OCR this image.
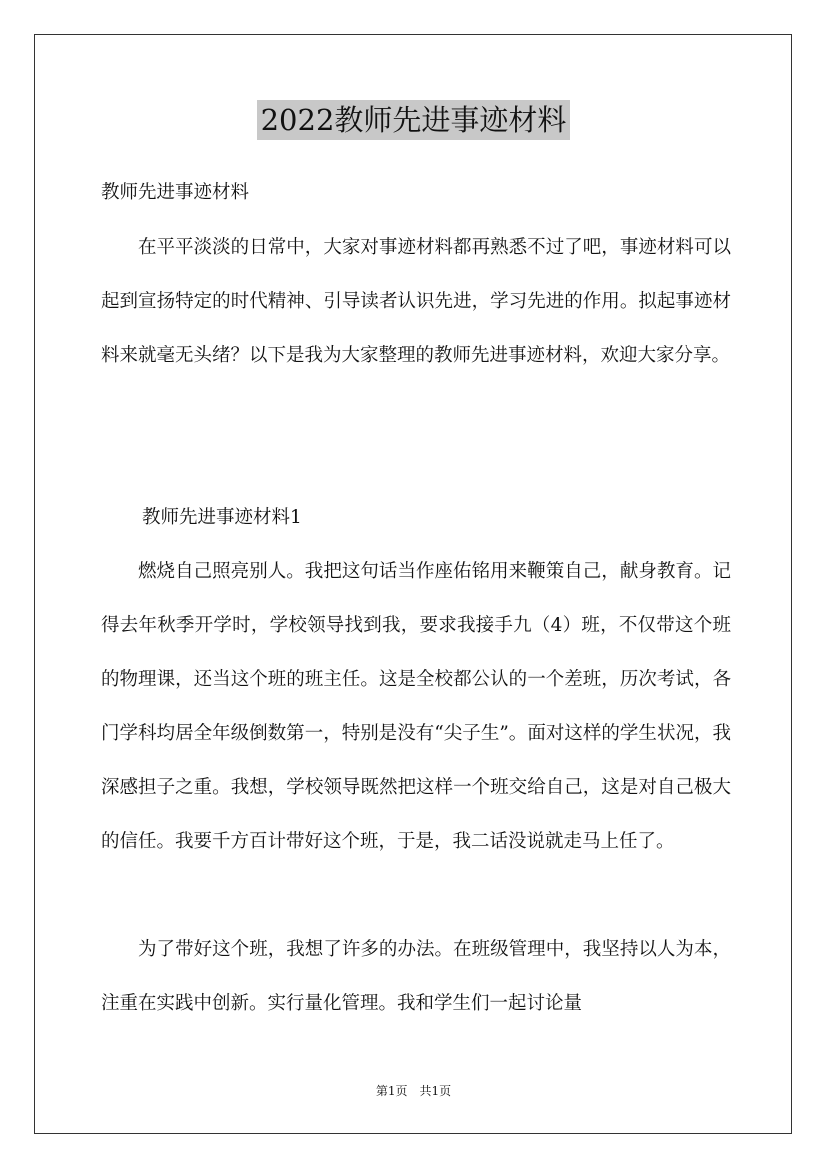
2022教师先进事迹材料
教师先进事迹材料

在平平淡淡的日常中，大家对事迹材料都再熟悉不过了吧，事迹材料可以起到宣扬特定的时代精神、引导读者认识先进，学习先进的作用。拟起事迹材料来就毫无头绪？以下是我为大家整理的教师先进事迹材料，欢迎大家分享。

教师先进事迹材料1

燃烧自己照亮别人。我把这句话当作座佑铭用来鞭策自己，献身教育。记得去年秋季开学时，学校领导找到我，要求我接手九（4）班，不仅带这个班的物理课，还当这个班的班主任。这是全校都公认的一个差班，历次考试，各门学科均居全年级倒数第一，特别是没有“尖子生”。面对这样的学生状况，我深感担子之重。我想，学校领导既然把这样一个班交给自己，这是对自己极大的信任。我要千方百计带好这个班，于是，我二话没说就走马上任了。

为了带好这个班，我想了许多的办法。在班级管理中，我坚持以人为本，注重在实践中创新。实行量化管理。我和学生们一起讨论量

第1页　共1页
